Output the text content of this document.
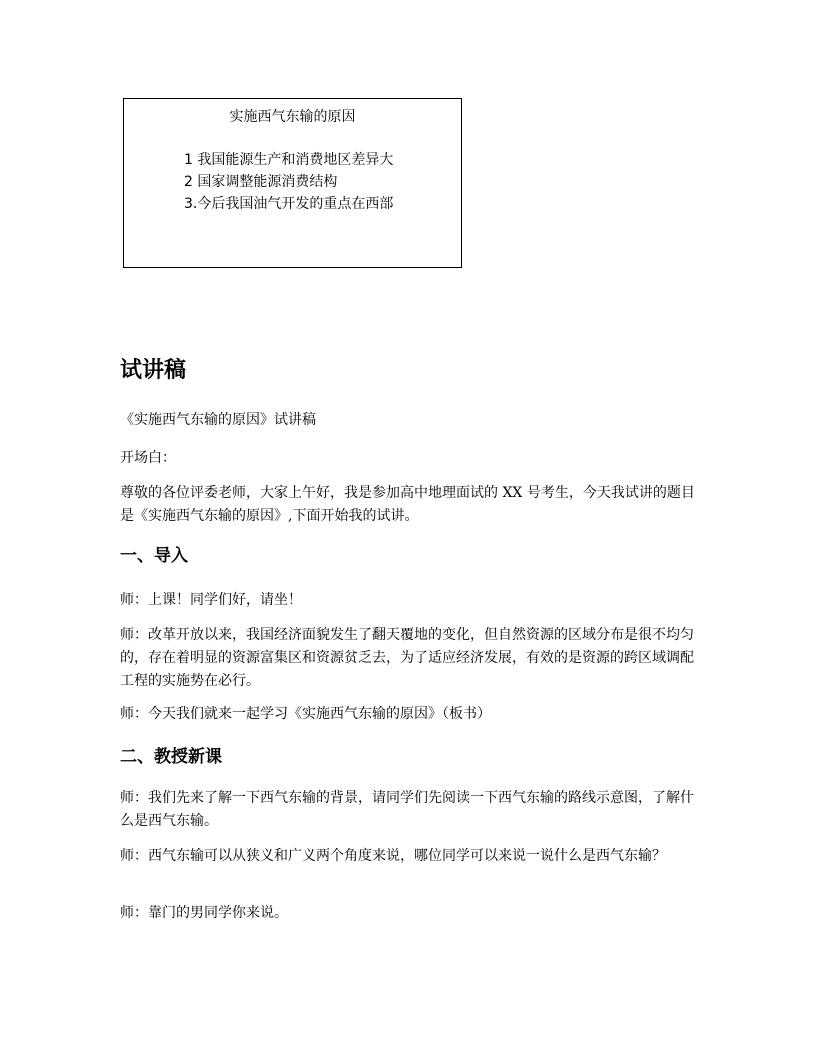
实施西气东输的原因
1 我国能源生产和消费地区差异大
2 国家调整能源消费结构
3.今后我国油气开发的重点在西部
试讲稿
《实施西气东输的原因》试讲稿
开场白：
尊敬的各位评委老师，大家上午好，我是参加高中地理面试的 XX 号考生，今天我试讲的题目是《实施西气东输的原因》,下面开始我的试讲。
一、导入
师：上课！同学们好，请坐！
师：改革开放以来，我国经济面貌发生了翻天覆地的变化，但自然资源的区域分布是很不均匀的，存在着明显的资源富集区和资源贫乏去，为了适应经济发展，有效的是资源的跨区域调配工程的实施势在必行。
师：今天我们就来一起学习《实施西气东输的原因》（板书）
二、教授新课
师：我们先来了解一下西气东输的背景，请同学们先阅读一下西气东输的路线示意图，了解什么是西气东输。
师：西气东输可以从狭义和广义两个角度来说，哪位同学可以来说一说什么是西气东输？
师：靠门的男同学你来说。
